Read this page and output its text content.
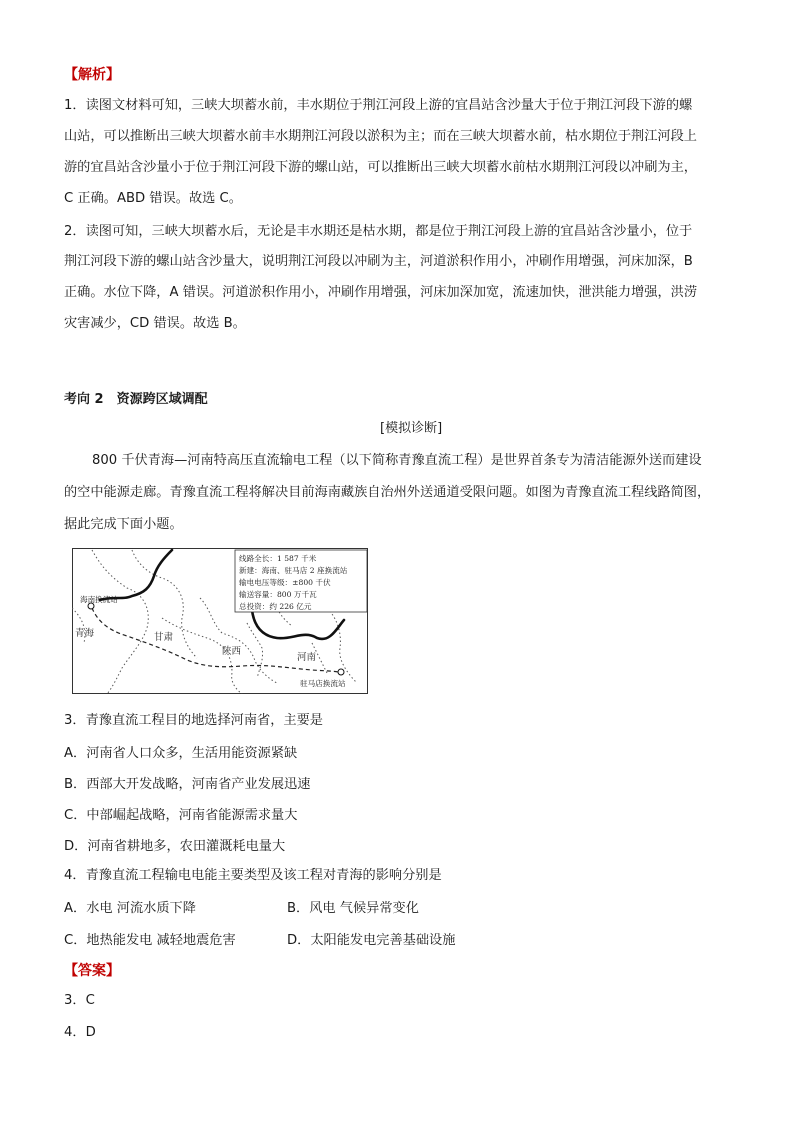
【解析】
1．读图文材料可知，三峡大坝蓄水前，丰水期位于荆江河段上游的宜昌站含沙量大于位于荆江河段下游的螺
山站，可以推断出三峡大坝蓄水前丰水期荆江河段以淤积为主；而在三峡大坝蓄水前，枯水期位于荆江河段上
游的宜昌站含沙量小于位于荆江河段下游的螺山站，可以推断出三峡大坝蓄水前枯水期荆江河段以冲刷为主，
C 正确。ABD 错误。故选 C。
2．读图可知，三峡大坝蓄水后，无论是丰水期还是枯水期，都是位于荆江河段上游的宜昌站含沙量小，位于
荆江河段下游的螺山站含沙量大，说明荆江河段以冲刷为主，河道淤积作用小，冲刷作用增强，河床加深，B
正确。水位下降，A 错误。河道淤积作用小，冲刷作用增强，河床加深加宽，流速加快，泄洪能力增强，洪涝
灾害减少，CD 错误。故选 B。
考向 2　资源跨区域调配
[模拟诊断]
800 千伏青海—河南特高压直流输电工程（以下简称青豫直流工程）是世界首条专为清洁能源外送而建设
的空中能源走廊。青豫直流工程将解决目前海南藏族自治州外送通道受限问题。如图为青豫直流工程线路简图，
据此完成下面小题。
线路全长：1 587 千米
新建：海南、驻马店 2 座换流站
输电电压等级：±800 千伏
输送容量：800 万千瓦
总投资：约 226 亿元
海南换流站
青海	甘肃
陕西
河南
驻马店换流站
3．青豫直流工程目的地选择河南省，主要是
A．河南省人口众多，生活用能资源紧缺
B．西部大开发战略，河南省产业发展迅速
C．中部崛起战略，河南省能源需求量大
D．河南省耕地多，农田灌溉耗电量大
4．青豫直流工程输电电能主要类型及该工程对青海的影响分别是
A．水电 河流水质下降	B．风电 气候异常变化
C．地热能发电 减轻地震危害	D．太阳能发电完善基础设施
【答案】
3．C
4．D
